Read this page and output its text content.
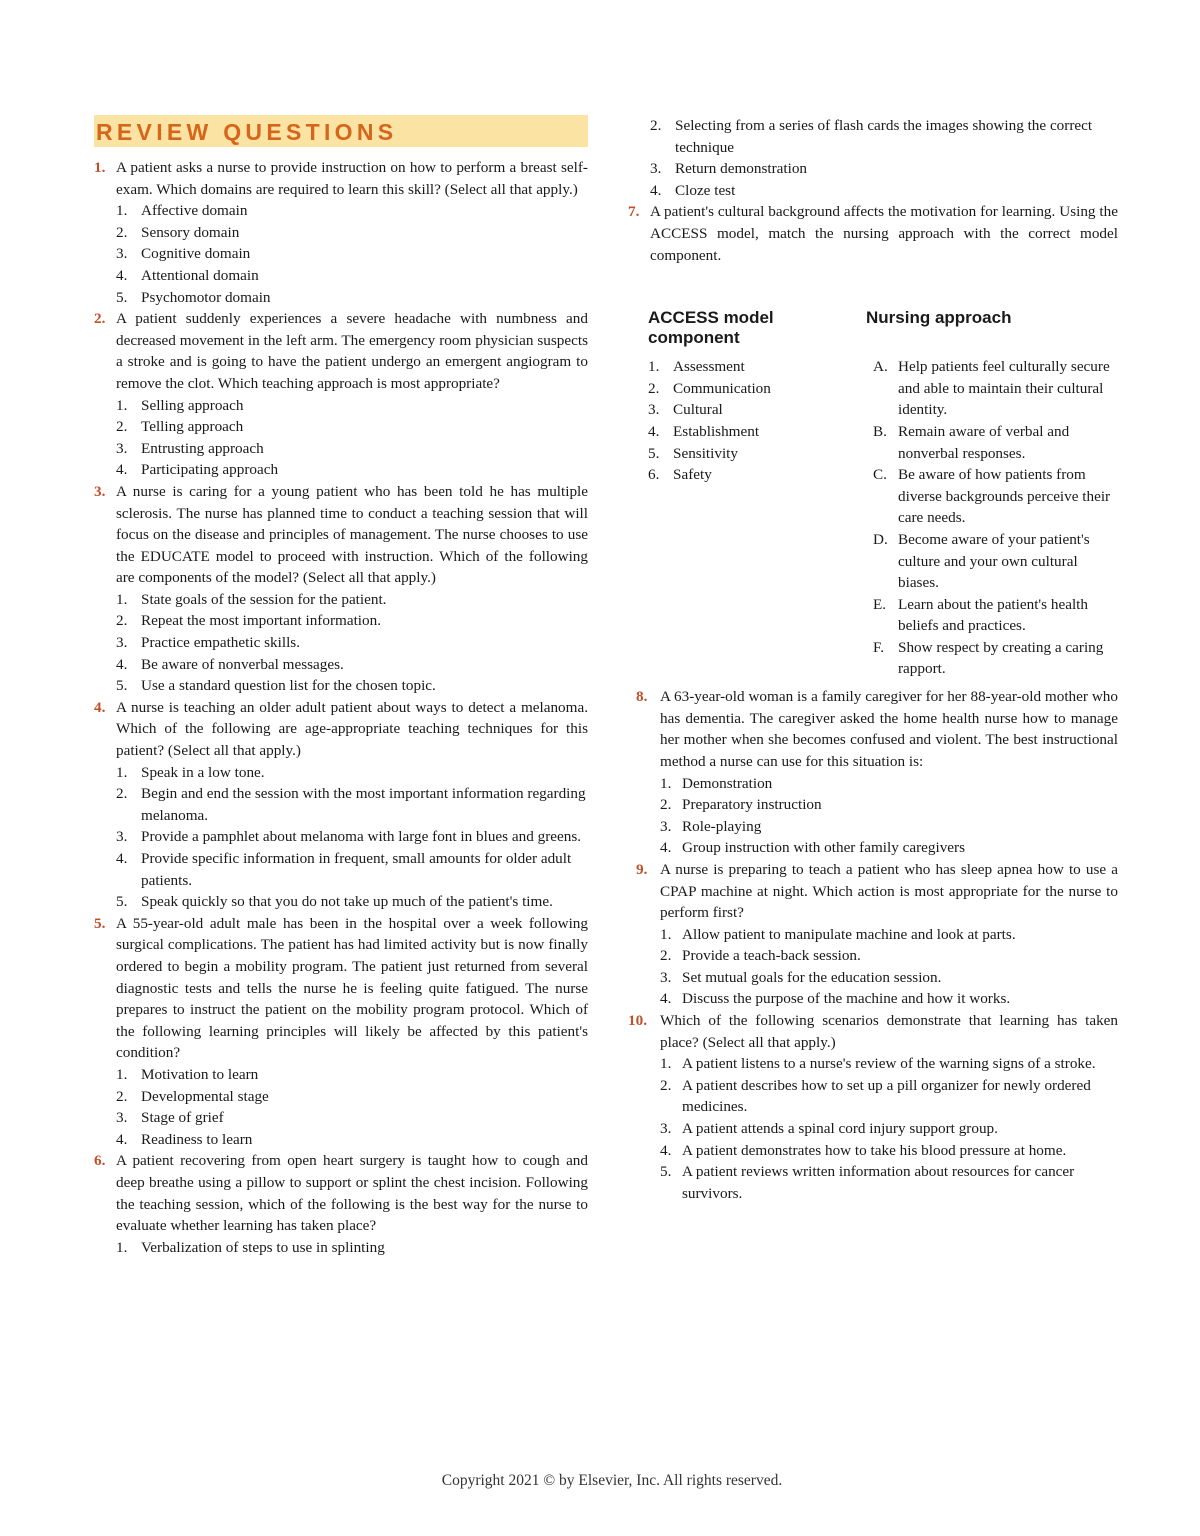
REVIEW QUESTIONS
1. A patient asks a nurse to provide instruction on how to perform a breast self-exam. Which domains are required to learn this skill? (Select all that apply.)
1. Affective domain
2. Sensory domain
3. Cognitive domain
4. Attentional domain
5. Psychomotor domain
2. A patient suddenly experiences a severe headache with numbness and decreased movement in the left arm. The emergency room physician suspects a stroke and is going to have the patient undergo an emergent angiogram to remove the clot. Which teaching approach is most appropriate?
1. Selling approach
2. Telling approach
3. Entrusting approach
4. Participating approach
3. A nurse is caring for a young patient who has been told he has multiple sclerosis. The nurse has planned time to conduct a teaching session that will focus on the disease and principles of management. The nurse chooses to use the EDUCATE model to proceed with instruction. Which of the following are components of the model? (Select all that apply.)
1. State goals of the session for the patient.
2. Repeat the most important information.
3. Practice empathetic skills.
4. Be aware of nonverbal messages.
5. Use a standard question list for the chosen topic.
4. A nurse is teaching an older adult patient about ways to detect a melanoma. Which of the following are age-appropriate teaching techniques for this patient? (Select all that apply.)
1. Speak in a low tone.
2. Begin and end the session with the most important information regarding melanoma.
3. Provide a pamphlet about melanoma with large font in blues and greens.
4. Provide specific information in frequent, small amounts for older adult patients.
5. Speak quickly so that you do not take up much of the patient's time.
5. A 55-year-old adult male has been in the hospital over a week following surgical complications. The patient has had limited activity but is now finally ordered to begin a mobility program. The patient just returned from several diagnostic tests and tells the nurse he is feeling quite fatigued. The nurse prepares to instruct the patient on the mobility program protocol. Which of the following learning principles will likely be affected by this patient's condition?
1. Motivation to learn
2. Developmental stage
3. Stage of grief
4. Readiness to learn
6. A patient recovering from open heart surgery is taught how to cough and deep breathe using a pillow to support or splint the chest incision. Following the teaching session, which of the following is the best way for the nurse to evaluate whether learning has taken place?
1. Verbalization of steps to use in splinting
2. Selecting from a series of flash cards the images showing the correct technique
3. Return demonstration
4. Cloze test
7. A patient's cultural background affects the motivation for learning. Using the ACCESS model, match the nursing approach with the correct model component.
ACCESS model component
Nursing approach
1. Assessment
2. Communication
3. Cultural
4. Establishment
5. Sensitivity
6. Safety
A. Help patients feel culturally secure and able to maintain their cultural identity.
B. Remain aware of verbal and nonverbal responses.
C. Be aware of how patients from diverse backgrounds perceive their care needs.
D. Become aware of your patient's culture and your own cultural biases.
E. Learn about the patient's health beliefs and practices.
F. Show respect by creating a caring rapport.
8. A 63-year-old woman is a family caregiver for her 88-year-old mother who has dementia. The caregiver asked the home health nurse how to manage her mother when she becomes confused and violent. The best instructional method a nurse can use for this situation is:
1. Demonstration
2. Preparatory instruction
3. Role-playing
4. Group instruction with other family caregivers
9. A nurse is preparing to teach a patient who has sleep apnea how to use a CPAP machine at night. Which action is most appropriate for the nurse to perform first?
1. Allow patient to manipulate machine and look at parts.
2. Provide a teach-back session.
3. Set mutual goals for the education session.
4. Discuss the purpose of the machine and how it works.
10. Which of the following scenarios demonstrate that learning has taken place? (Select all that apply.)
1. A patient listens to a nurse's review of the warning signs of a stroke.
2. A patient describes how to set up a pill organizer for newly ordered medicines.
3. A patient attends a spinal cord injury support group.
4. A patient demonstrates how to take his blood pressure at home.
5. A patient reviews written information about resources for cancer survivors.
Copyright 2021 © by Elsevier, Inc. All rights reserved.
